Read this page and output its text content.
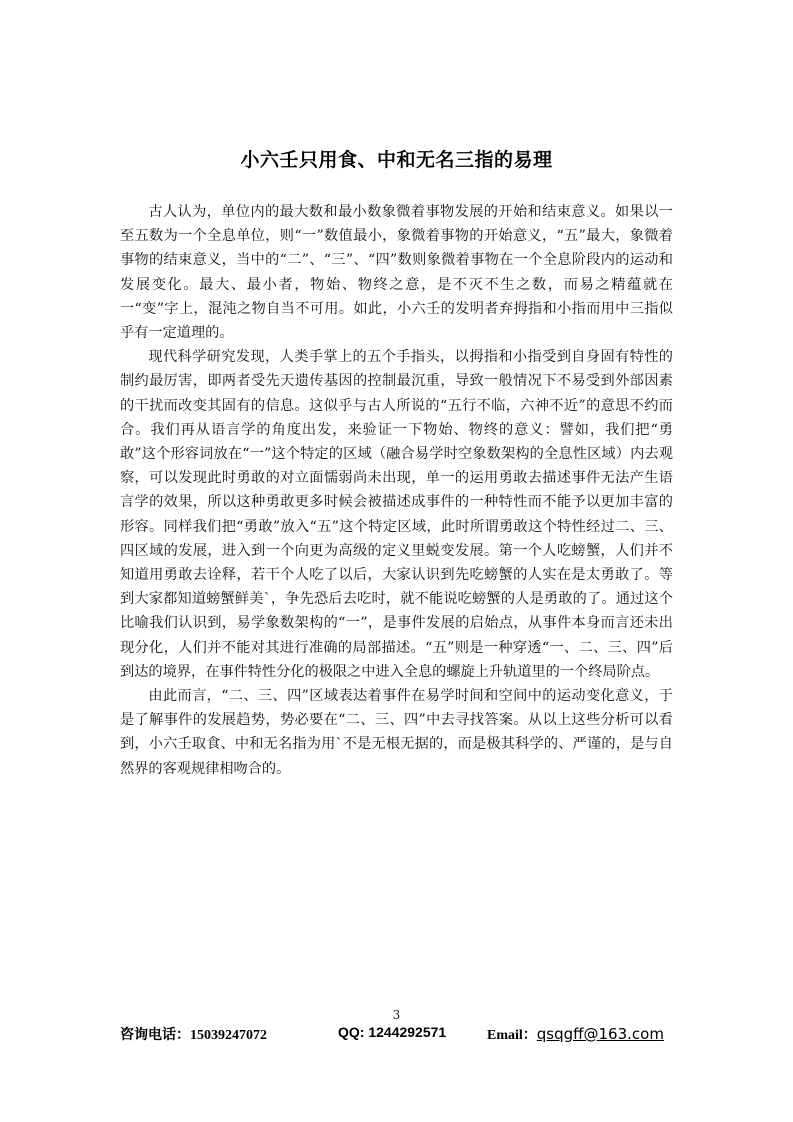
小六壬只用食、中和无名三指的易理

古人认为，单位内的最大数和最小数象微着事物发展的开始和结束意义。如果以一至五数为一个全息单位，则“一”数值最小，象微着事物的开始意义，“五”最大，象微着事物的结束意义，当中的“二”、“三”、“四”数则象微着事物在一个全息阶段内的运动和发展变化。最大、最小者，物始、物终之意，是不灭不生之数，而易之精蕴就在一“变”字上，混沌之物自当不可用。如此，小六壬的发明者弃拇指和小指而用中三指似乎有一定道理的。

现代科学研究发现，人类手掌上的五个手指头，以拇指和小指受到自身固有特性的制约最厉害，即两者受先天遗传基因的控制最沉重，导致一般情况下不易受到外部因素的干扰而改变其固有的信息。这似乎与古人所说的“五行不临，六神不近”的意思不约而合。我们再从语言学的角度出发，来验证一下物始、物终的意义：譬如，我们把“勇敢”这个形容词放在“一”这个特定的区域（融合易学时空象数架构的全息性区域）内去观察，可以发现此时勇敢的对立面懦弱尚未出现，单一的运用勇敢去描述事件无法产生语言学的效果，所以这种勇敢更多时候会被描述成事件的一种特性而不能予以更加丰富的形容。同样我们把“勇敢”放入“五”这个特定区域，此时所谓勇敢这个特性经过二、三、四区域的发展，进入到一个向更为高级的定义里蜕变发展。第一个人吃螃蟹，人们并不知道用勇敢去诠释，若干个人吃了以后，大家认识到先吃螃蟹的人实在是太勇敢了。等到大家都知道螃蟹鲜美`，争先恐后去吃时，就不能说吃螃蟹的人是勇敢的了。通过这个比喻我们认识到，易学象数架构的“一”，是事件发展的启始点，从事件本身而言还未出现分化，人们并不能对其进行准确的局部描述。“五”则是一种穿透“一、二、三、四”后到达的境界，在事件特性分化的极限之中进入全息的螺旋上升轨道里的一个终局阶点。

由此而言，“二、三、四”区域表达着事件在易学时间和空间中的运动变化意义，于是了解事件的发展趋势，势必要在“二、三、四”中去寻找答案。从以上这些分析可以看到，小六壬取食、中和无名指为用`不是无根无据的，而是极其科学的、严谨的，是与自然界的客观规律相吻合的。

3
咨询电话：15039247072	QQ: 1244292571	Email：qsqgff@163.com
